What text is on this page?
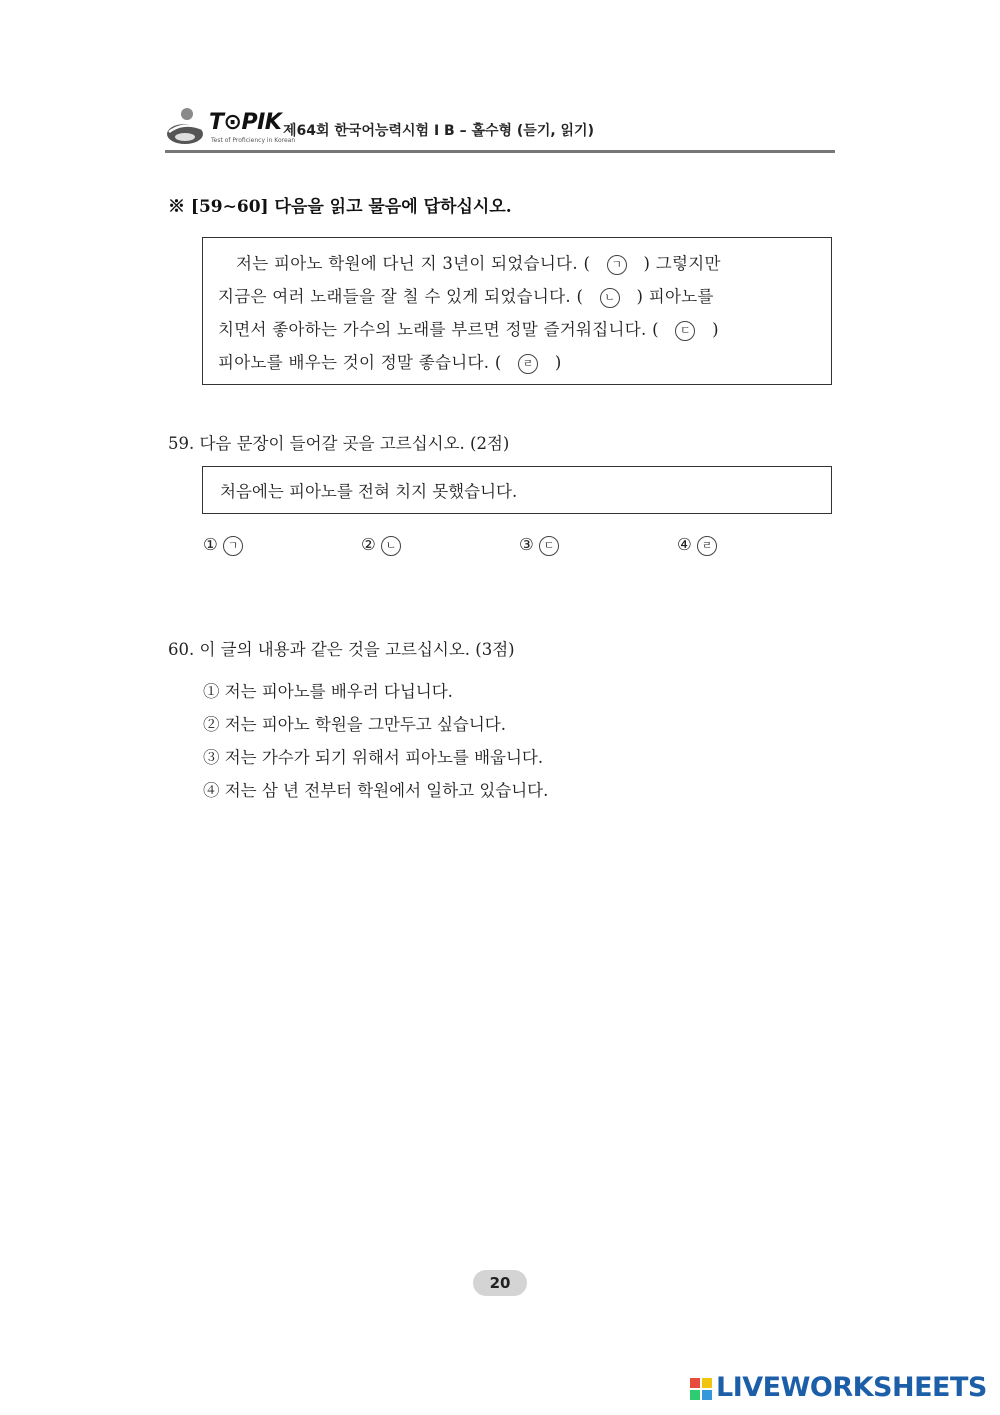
T⊙PIK
Test of Proficiency in Korean
제64회 한국어능력시험 I B – 홀수형 (듣기, 읽기)
※ [59∼60] 다음을 읽고 물음에 답하십시오.
저는 피아노 학원에 다닌 지 3년이 되었습니다. ( ㄱ ) 그렇지만
지금은 여러 노래들을 잘 칠 수 있게 되었습니다. ( ㄴ ) 피아노를
치면서 좋아하는 가수의 노래를 부르면 정말 즐거워집니다. ( ㄷ )
피아노를 배우는 것이 정말 좋습니다. ( ㄹ )
59. 다음 문장이 들어갈 곳을 고르십시오. (2점)
처음에는 피아노를 전혀 치지 못했습니다.
① ㄱ	② ㄴ	③ ㄷ	④ ㄹ
60. 이 글의 내용과 같은 것을 고르십시오. (3점)
① 저는 피아노를 배우러 다닙니다.
② 저는 피아노 학원을 그만두고 싶습니다.
③ 저는 가수가 되기 위해서 피아노를 배웁니다.
④ 저는 삼 년 전부터 학원에서 일하고 있습니다.
20
LIVEWORKSHEETS
